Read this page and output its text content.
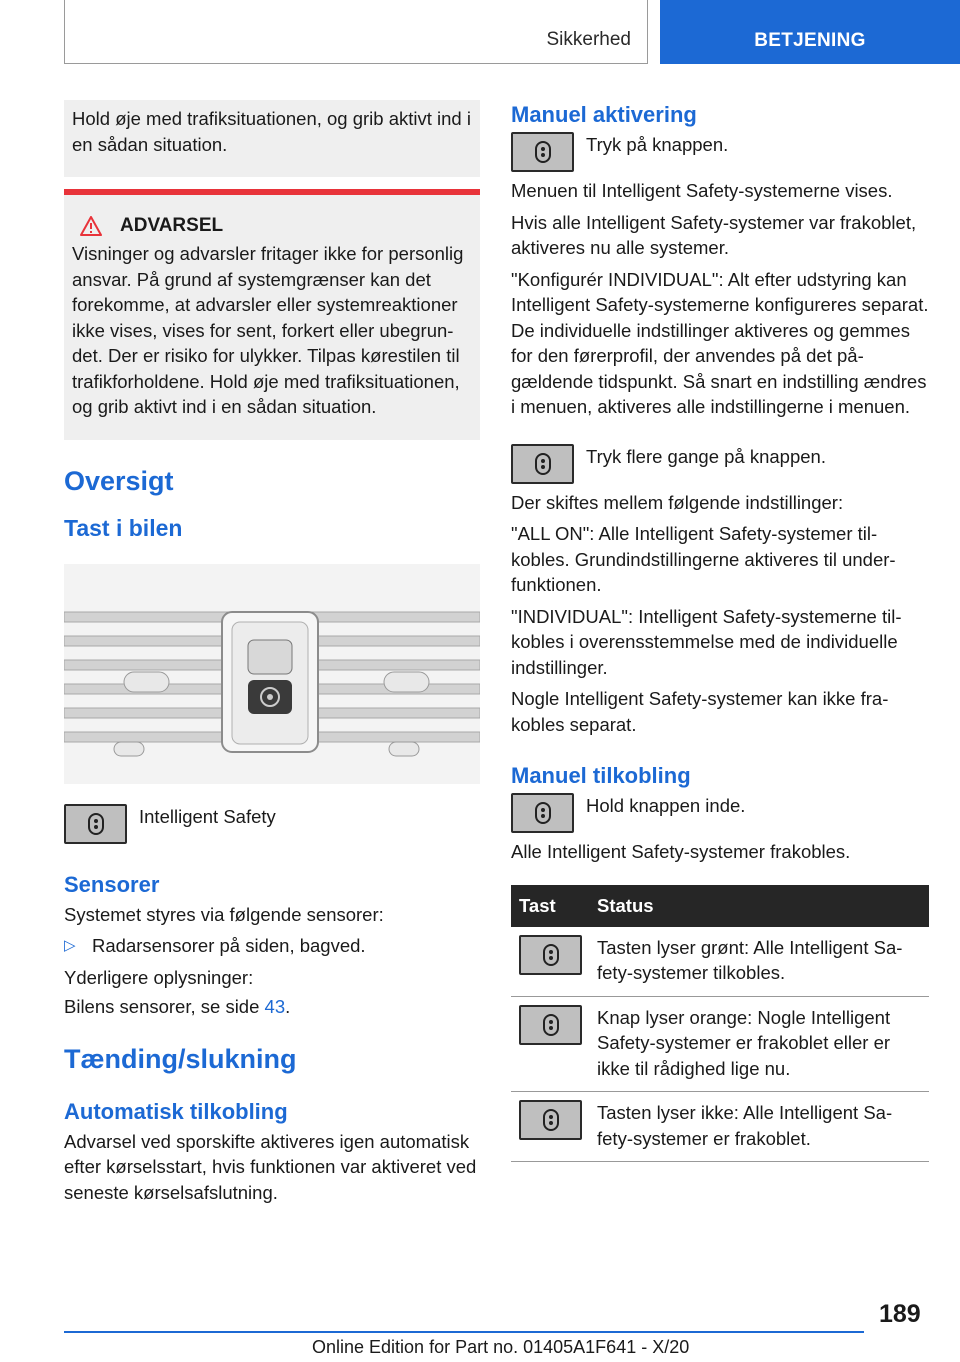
Sikkerhed	BETJENING

Hold øje med trafiksituationen, og grib aktivt ind i en sådan situation.

ADVARSEL

Visninger og advarsler fritager ikke for personlig ansvar. På grund af systemgrænser kan det forekomme, at advarsler eller systemreaktioner ikke vises, vises for sent, forkert eller ubegrundet. Der er risiko for ulykker. Tilpas kørestilen til trafikforholdene. Hold øje med trafiksituationen, og grib aktivt ind i en sådan situation.

Oversigt
Tast i bilen

Intelligent Safety

Sensorer

Systemet styres via følgende sensorer:

▷ Radarsensorer på siden, bagved.

Yderligere oplysninger:

Bilens sensorer, se side 43.

Tænding/slukning
Automatisk tilkobling

Advarsel ved sporskifte aktiveres igen automatisk efter kørselsstart, hvis funktionen var aktiveret ved seneste kørselsafslutning.

Manuel aktivering

Tryk på knappen.

Menuen til Intelligent Safety-systemerne vises.

Hvis alle Intelligent Safety-systemer var frakoblet, aktiveres nu alle systemer.

"Konfigurér INDIVIDUAL": Alt efter udstyring kan Intelligent Safety-systemerne konfigureres separat. De individuelle indstillinger aktiveres og gemmes for den førerprofil, der anvendes på det pågældende tidspunkt. Så snart en indstilling ændres i menuen, aktiveres alle indstillingerne i menuen.

Tryk flere gange på knappen.

Der skiftes mellem følgende indstillinger:

"ALL ON": Alle Intelligent Safety-systemer tilkobles. Grundindstillingerne aktiveres til underfunktionen.

"INDIVIDUAL": Intelligent Safety-systemerne tilkobles i overensstemmelse med de individuelle indstillinger.

Nogle Intelligent Safety-systemer kan ikke frakobles separat.

Manuel tilkobling

Hold knappen inde.

Alle Intelligent Safety-systemer frakobles.

Tast	Status

	Tasten lyser grønt: Alle Intelligent Safety-systemer tilkobles.

	Knap lyser orange: Nogle Intelligent Safety-systemer er frakoblet eller er ikke til rådighed lige nu.

	Tasten lyser ikke: Alle Intelligent Safety-systemer er frakoblet.
189
Online Edition for Part no. 01405A1F641 - X/20
